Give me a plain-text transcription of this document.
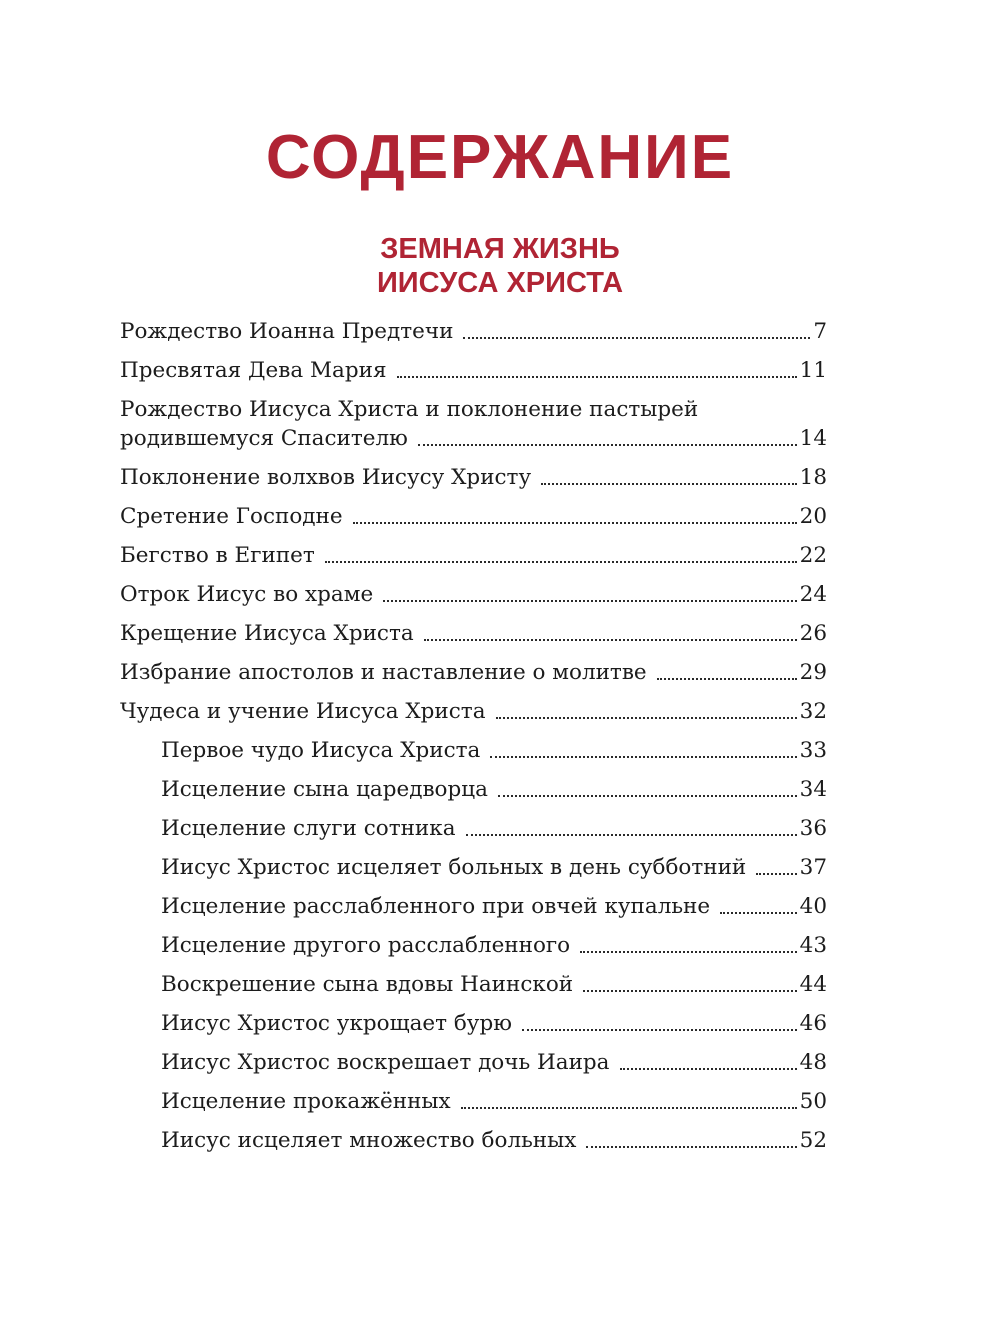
СОДЕРЖАНИЕ
ЗЕМНАЯ ЖИЗНЬ
ИИСУСА ХРИСТА
Рождество Иоанна Предтечи	7
Пресвятая Дева Мария	11
Рождество Иисуса Христа и поклонение пастырей
родившемуся Спасителю	14
Поклонение волхвов Иисусу Христу	18
Сретение Господне	20
Бегство в Египет	22
Отрок Иисус во храме	24
Крещение Иисуса Христа	26
Избрание апостолов и наставление о молитве	29
Чудеса и учение Иисуса Христа	32
Первое чудо Иисуса Христа	33
Исцеление сына царедворца	34
Исцеление слуги сотника	36
Иисус Христос исцеляет больных в день субботний 37
Исцеление расслабленного при овчей купальне	40
Исцеление другого расслабленного	43
Воскрешение сына вдовы Наинской	44
Иисус Христос укрощает бурю	46
Иисус Христос воскрешает дочь Иаира	48
Исцеление прокажённых	50
Иисус исцеляет множество больных	52
